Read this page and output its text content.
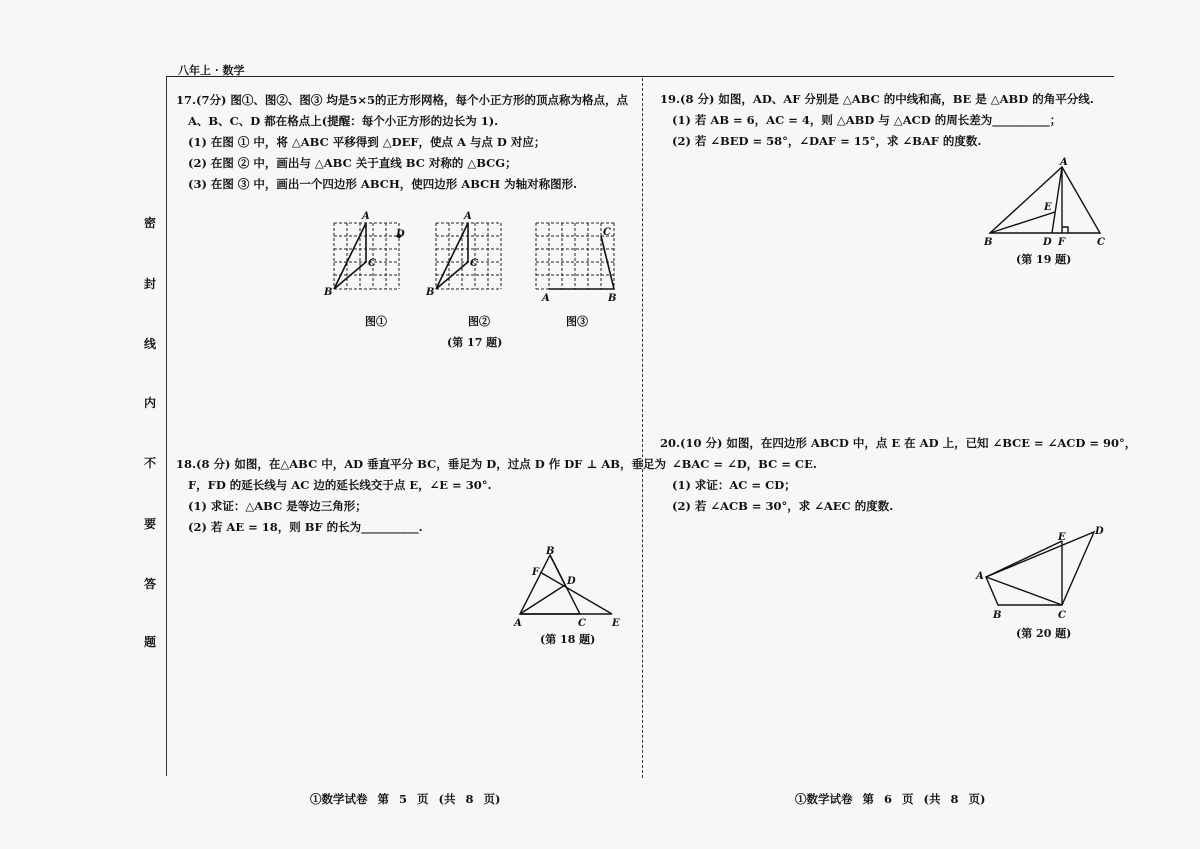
八年上 · 数学
密
封
线
内
不
要
答
题
17.(7分) 图①、图②、图③ 均是5×5的正方形网格，每个小正方形的顶点称为格点，点
A、B、C、D 都在格点上(提醒：每个小正方形的边长为 1).
(1) 在图 ① 中，将 △ABC 平移得到 △DEF，使点 A 与点 D 对应；
(2) 在图 ② 中，画出与 △ABC 关于直线 BC 对称的 △BCG；
(3) 在图 ③ 中，画出一个四边形 ABCH，使四边形 ABCH 为轴对称图形.
A
B
C
D
图①
A
B
C
图②
A	B
C
图③
(第 17 题)
18.(8 分) 如图，在△ABC 中，AD 垂直平分 BC，垂足为 D，过点 D 作 DF ⊥ AB，垂足为
F，FD 的延长线与 AC 边的延长线交于点 E，∠E = 30°.
(1) 求证：△ABC 是等边三角形；
(2) 若 AE = 18，则 BF 的长为__________.
B
F
D
A	C	E
(第 18 题)
19.(8 分) 如图，AD、AF 分别是 △ABC 的中线和高，BE 是 △ABD 的角平分线.
(1) 若 AB = 6，AC = 4，则 △ABD 与 △ACD 的周长差为__________；
(2) 若 ∠BED = 58°，∠DAF = 15°，求 ∠BAF 的度数.
A
E
B	D F	C
(第 19 题)
20.(10 分) 如图，在四边形 ABCD 中，点 E 在 AD 上，已知 ∠BCE = ∠ACD = 90°，
∠BAC = ∠D，BC = CE.
(1) 求证：AC = CD；
(2) 若 ∠ACB = 30°，求 ∠AEC 的度数.
A
B	C
D
E
(第 20 题)
①数学试卷 第 5 页 (共 8 页)	①数学试卷 第 6 页 (共 8 页)
